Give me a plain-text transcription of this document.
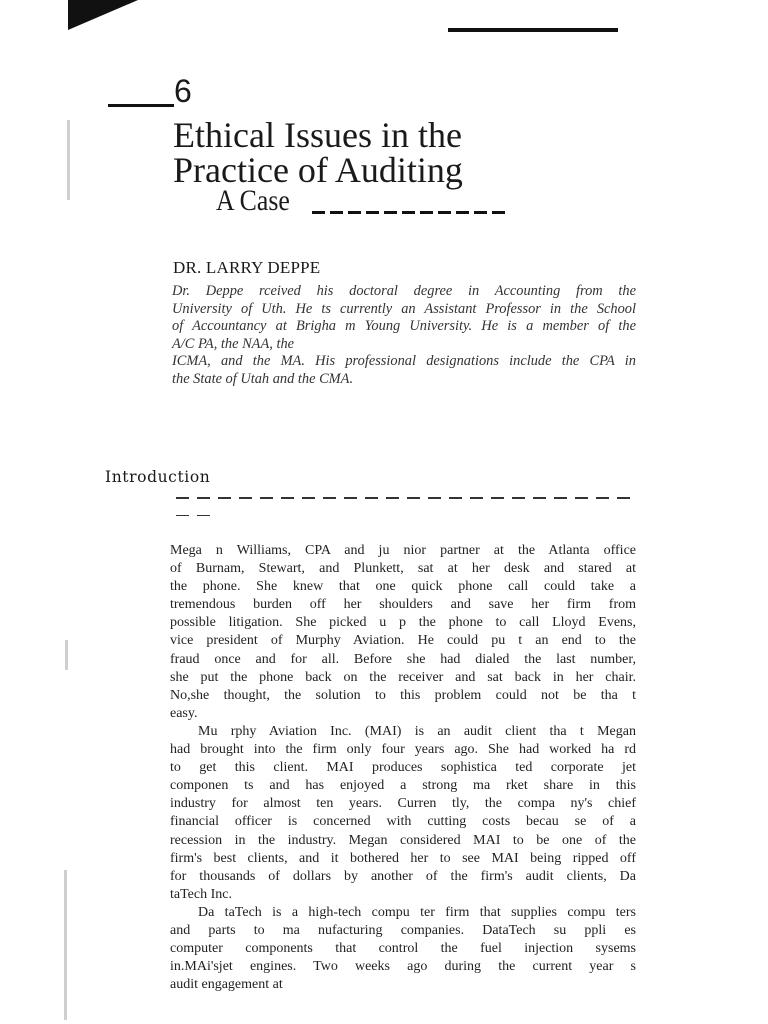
6
Ethical Issues in the
Practice of Auditing
A Case
DR. LARRY DEPPE
Dr. Deppe rceived his doctoral degree in Accounting from the
University of Uth. He ts currently an Assistant Professor in the School
of Accountancy at Brigha m Young University. He is a member of the
A/C PA, the NAA, the
ICMA, and the MA. His professional designations include the CPA in
the State of Utah and the CMA.
Introduction
Mega n Williams, CPA and ju nior partner at the Atlanta office
of Burnam, Stewart, and Plunkett, sat at her desk and stared at
the phone. She knew that one quick phone call could take a
tremendous burden off her shoulders and save her firm from
possible litigation. She picked u p the phone to call Lloyd Evens,
vice president of Murphy Aviation. He could pu t an end to the
fraud once and for all. Before she had dialed the last number,
she put the phone back on the receiver and sat back in her chair.
No,she thought, the solution to this problem could not be tha t
easy.
Mu rphy Aviation Inc. (MAI) is an audit client tha t Megan
had brought into the firm only four years ago. She had worked ha rd
to get this client. MAI produces sophistica ted corporate jet
componen ts and has enjoyed a strong ma rket share in this
industry for almost ten years. Curren tly, the compa ny's chief
financial officer is concerned with cutting costs becau se of a
recession in the industry. Megan considered MAI to be one of the
firm's best clients, and it bothered her to see MAI being ripped off
for thousands of dollars by another of the firm's audit clients, Da
taTech Inc.
Da taTech is a high-tech compu ter firm that supplies compu ters
and parts to ma nufacturing companies. DataTech su ppli es
computer components that control the fuel injection sysems
in.MAi'sjet engines. Two weeks ago during the current year s
audit engagement at
